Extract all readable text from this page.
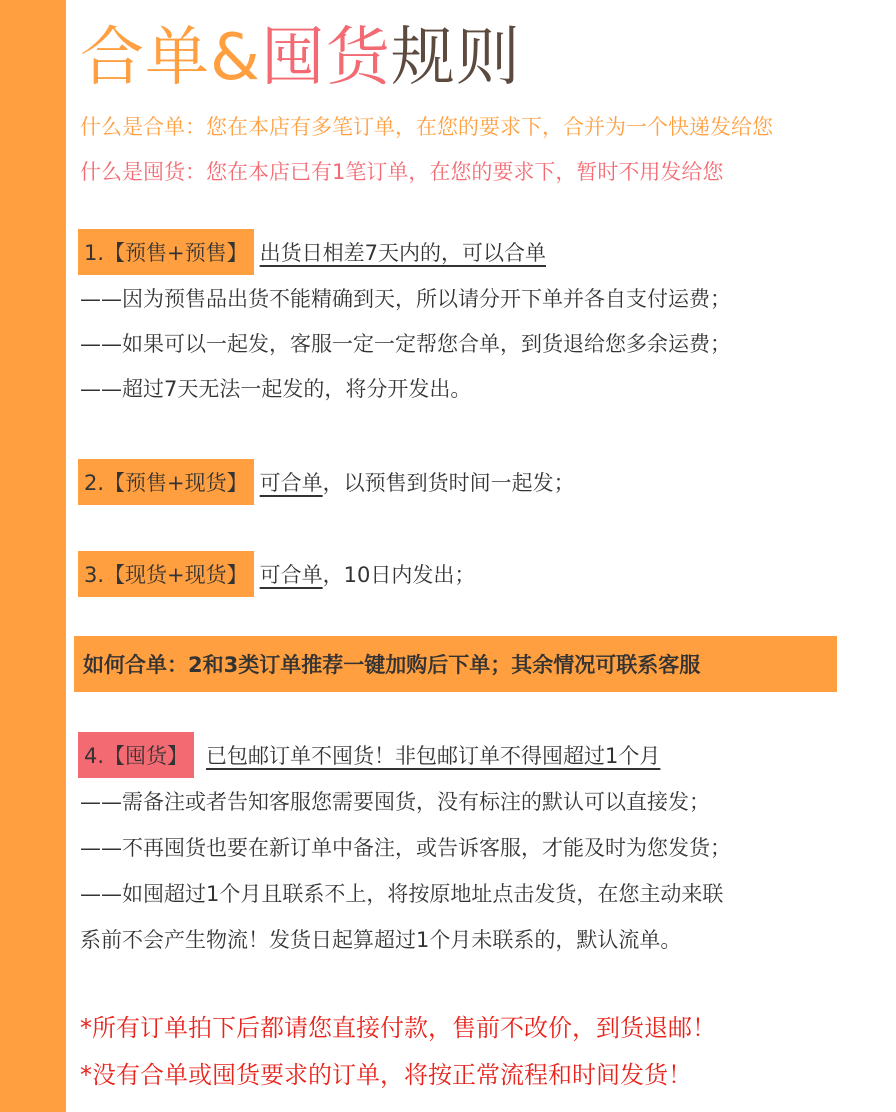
合单&囤货规则
什么是合单：您在本店有多笔订单，在您的要求下，合并为一个快递发给您
什么是囤货：您在本店已有1笔订单，在您的要求下，暂时不用发给您
1.【预售+预售】 出货日相差7天内的，可以合单
——因为预售品出货不能精确到天，所以请分开下单并各自支付运费；
——如果可以一起发，客服一定一定帮您合单，到货退给您多余运费；
——超过7天无法一起发的，将分开发出。
2.【预售+现货】 可合单 ，以预售到货时间一起发；
3.【现货+现货】 可合单 ，10日内发出；
如何合单：2和3类订单推荐一键加购后下单；其余情况可联系客服
4.【囤货】 已包邮订单不囤货！非包邮订单不得囤超过1个月
——需备注或者告知客服您需要囤货，没有标注的默认可以直接发；
——不再囤货也要在新订单中备注，或告诉客服，才能及时为您发货；
——如囤超过1个月且联系不上，将按原地址点击发货，在您主动来联
系前不会产生物流！发货日起算超过1个月未联系的，默认流单。
*所有订单拍下后都请您直接付款，售前不改价，到货退邮！
*没有合单或囤货要求的订单，将按正常流程和时间发货！
